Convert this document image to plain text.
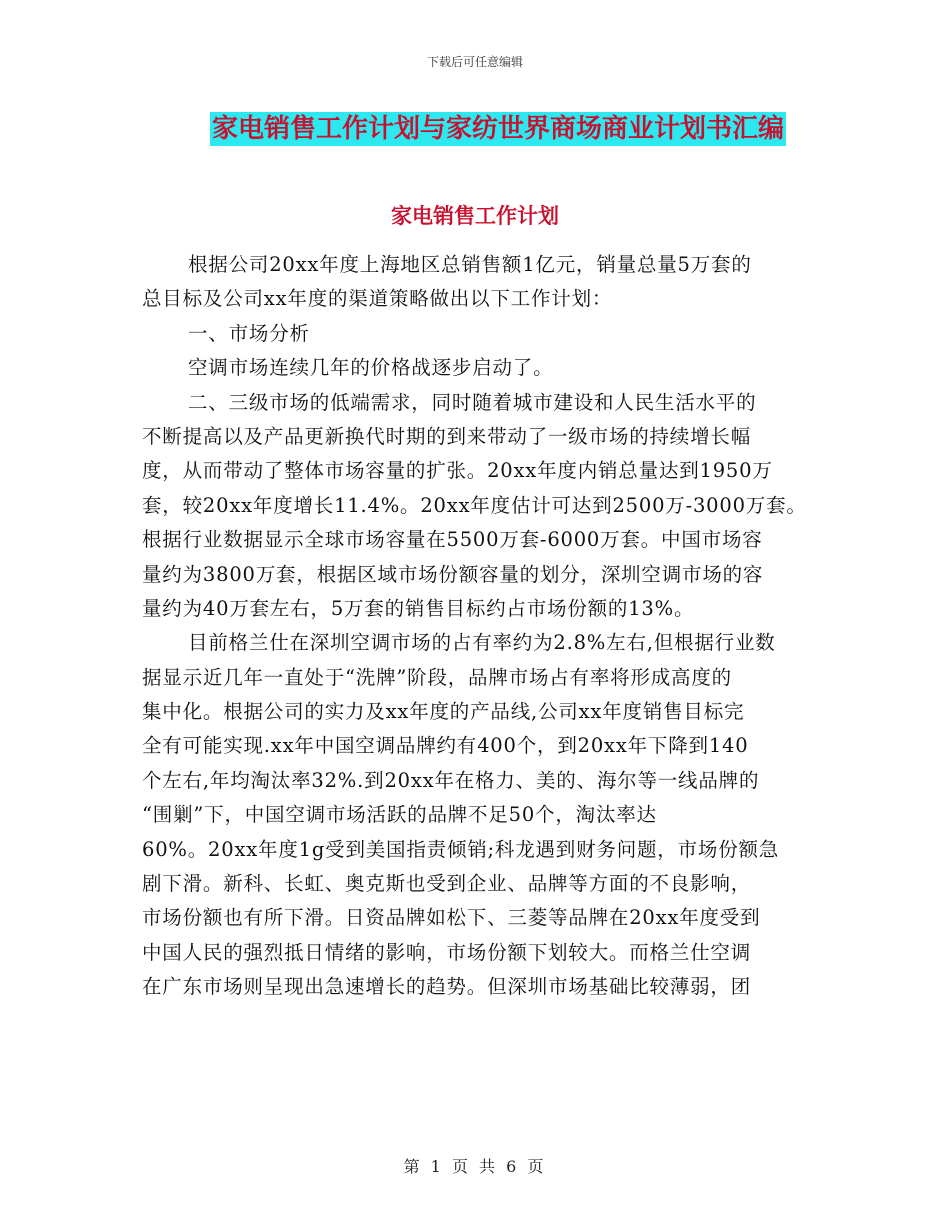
下载后可任意编辑
家电销售工作计划与家纺世界商场商业计划书汇编
家电销售工作计划
根据公司20xx年度上海地区总销售额1亿元，销量总量5万套的
总目标及公司xx年度的渠道策略做出以下工作计划：
一、市场分析
空调市场连续几年的价格战逐步启动了。
二、三级市场的低端需求，同时随着城市建设和人民生活水平的
不断提高以及产品更新换代时期的到来带动了一级市场的持续增长幅
度，从而带动了整体市场容量的扩张。20xx年度内销总量达到1950万
套，较20xx年度增长11.4%。20xx年度估计可达到2500万-3000万套。
根据行业数据显示全球市场容量在5500万套-6000万套。中国市场容
量约为3800万套，根据区域市场份额容量的划分，深圳空调市场的容
量约为40万套左右，5万套的销售目标约占市场份额的13%。
目前格兰仕在深圳空调市场的占有率约为2.8%左右,但根据行业数
据显示近几年一直处于“洗牌”阶段，品牌市场占有率将形成高度的
集中化。根据公司的实力及xx年度的产品线,公司xx年度销售目标完
全有可能实现.xx年中国空调品牌约有400个，到20xx年下降到140
个左右,年均淘汰率32%.到20xx年在格力、美的、海尔等一线品牌的
“围剿”下，中国空调市场活跃的品牌不足50个，淘汰率达
60%。20xx年度1g受到美国指责倾销;科龙遇到财务问题，市场份额急
剧下滑。新科、长虹、奥克斯也受到企业、品牌等方面的不良影响，
市场份额也有所下滑。日资品牌如松下、三菱等品牌在20xx年度受到
中国人民的强烈抵日情绪的影响，市场份额下划较大。而格兰仕空调
在广东市场则呈现出急速增长的趋势。但深圳市场基础比较薄弱，团
第 1 页 共 6 页
